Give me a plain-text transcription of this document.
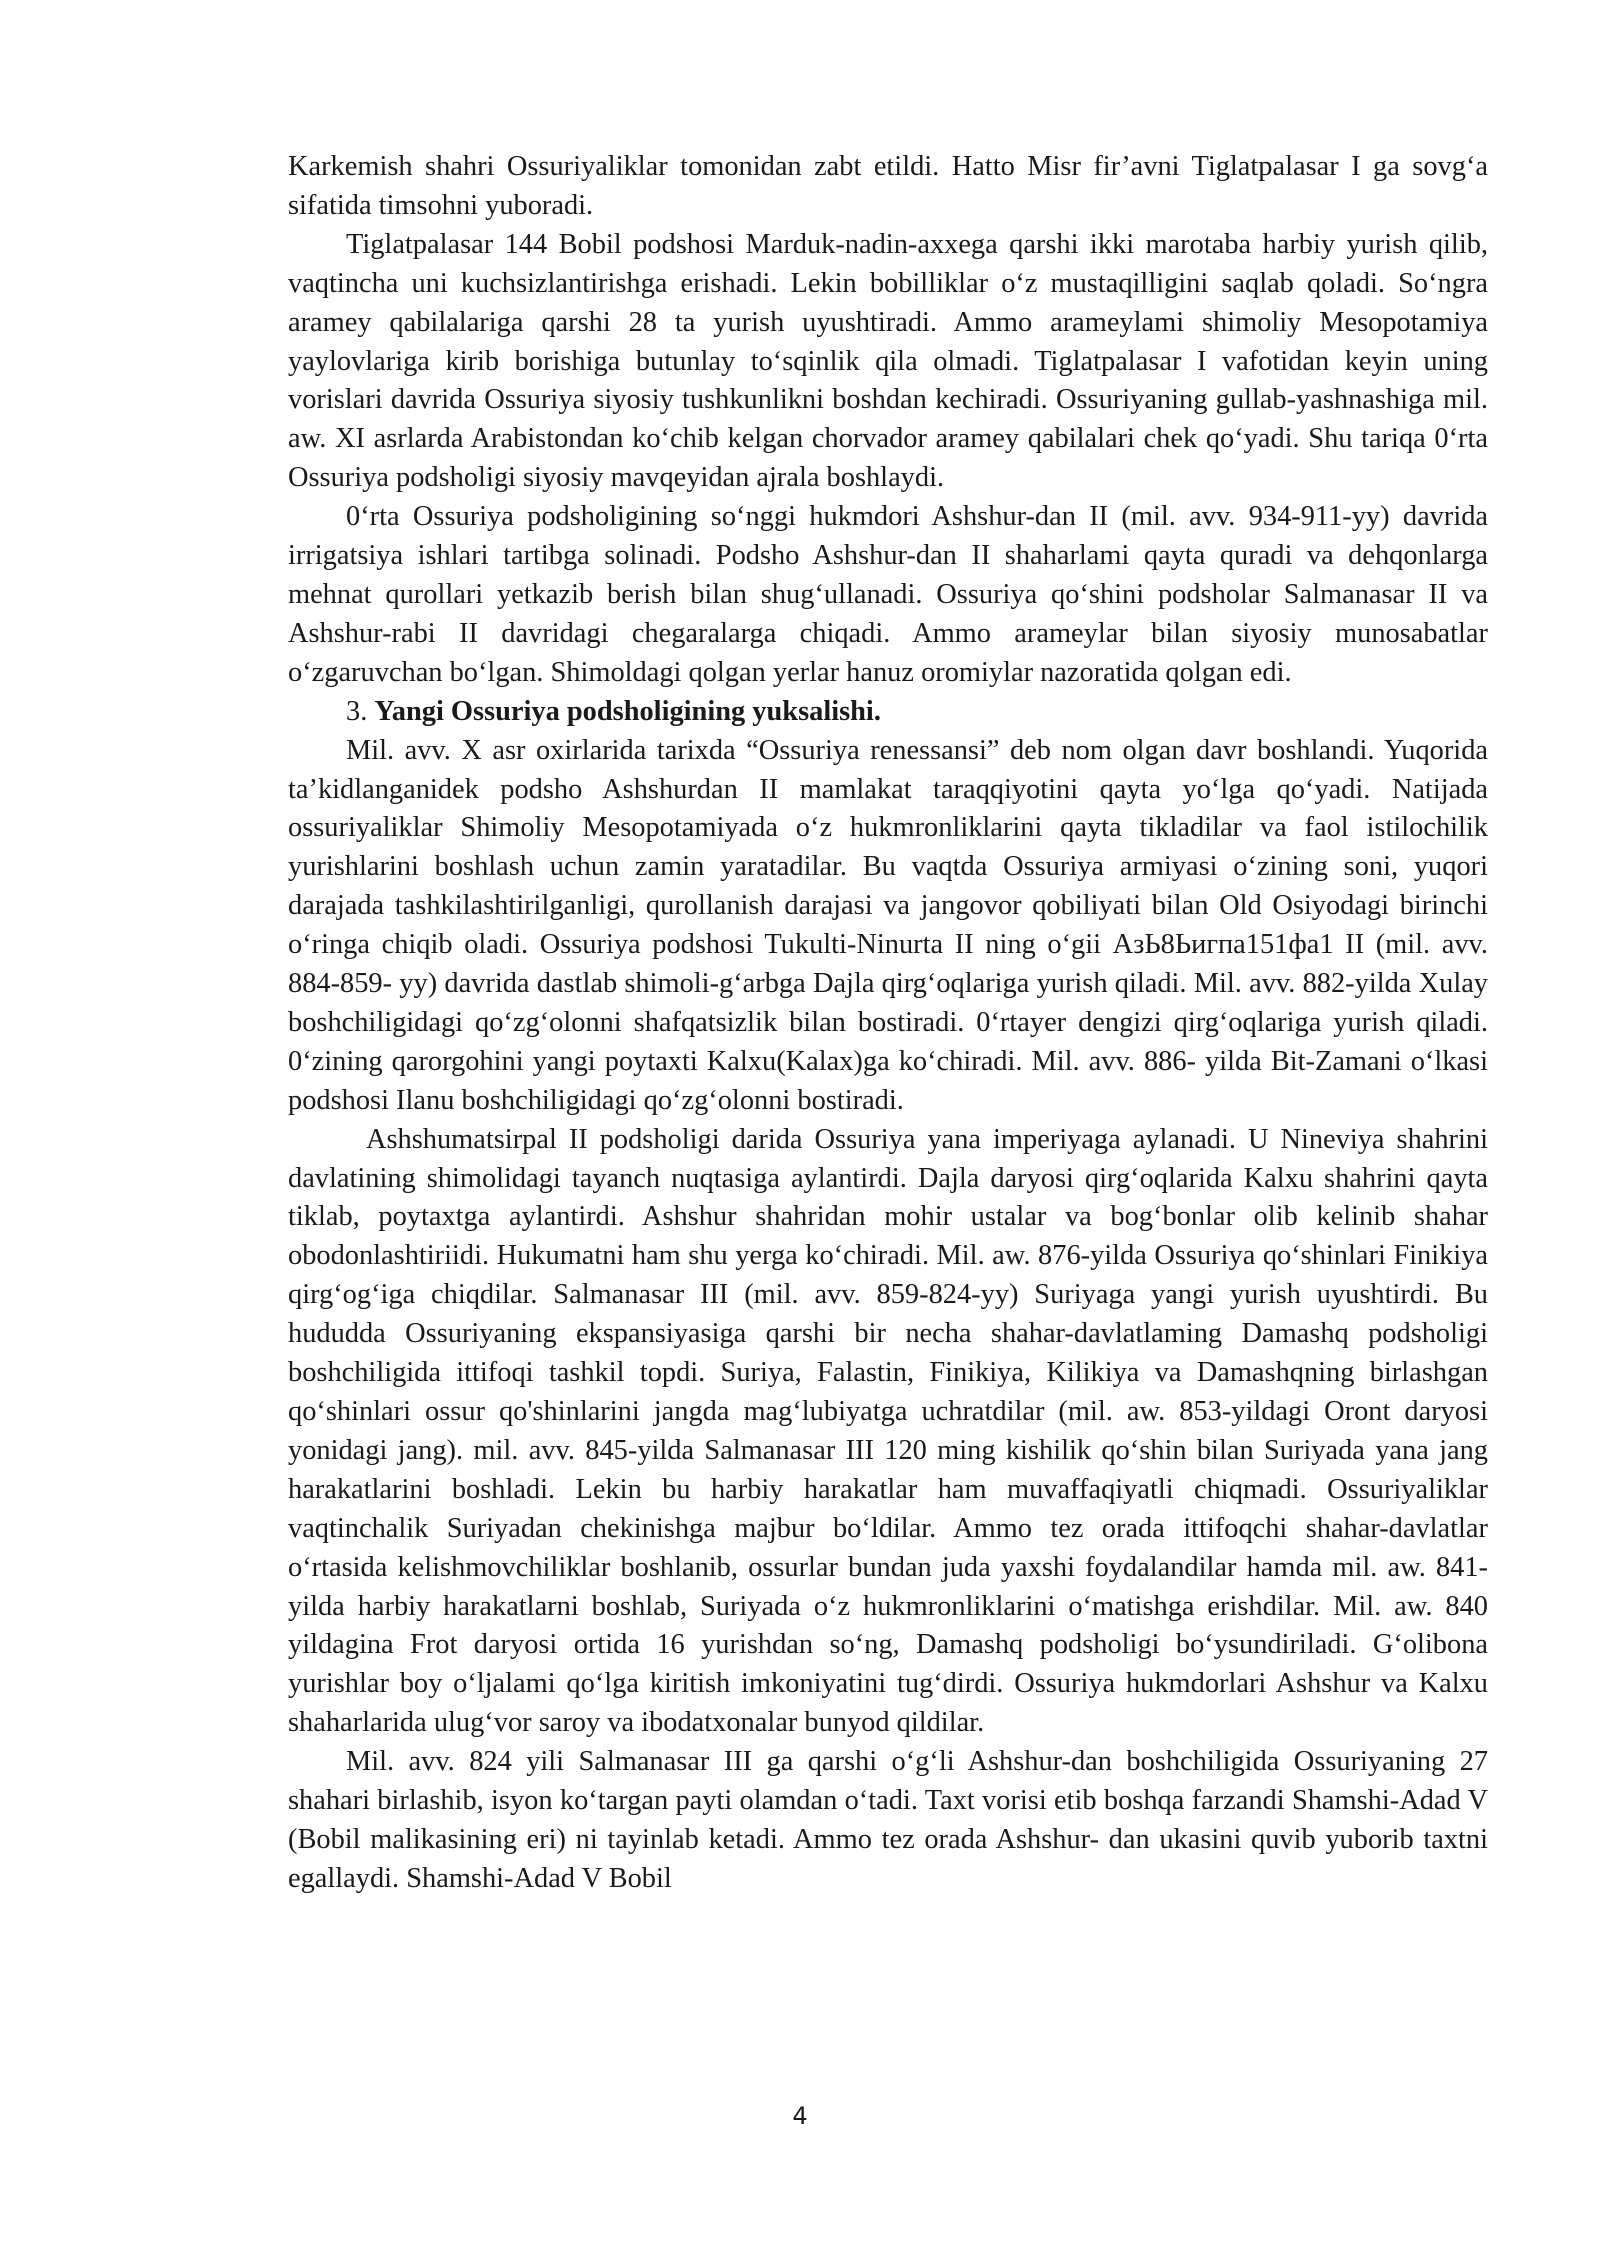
Karkemish shahri Ossuriyaliklar tomonidan zabt etildi. Hatto Misr fir’avni Tiglatpalasar I ga sovg‘a sifatida timsohni yuboradi.

Tiglatpalasar 144 Bobil podshosi Marduk-nadin-axxega qarshi ikki marotaba harbiy yurish qilib, vaqtincha uni kuchsizlantirishga erishadi. Lekin bobilliklar o‘z mustaqilligini saqlab qoladi. So‘ngra aramey qabilalariga qarshi 28 ta yurish uyushtiradi. Ammo arameylami shimoliy Mesopotamiya yaylovlariga kirib borishiga butunlay to‘sqinlik qila olmadi. Tiglatpalasar I vafotidan keyin uning vorislari davrida Ossuriya siyosiy tushkunlikni boshdan kechiradi. Ossuriyaning gullab-yashnashiga mil. aw. XI asrlarda Arabistondan ko‘chib kelgan chorvador aramey qabilalari chek qo‘yadi. Shu tariqa 0‘rta Ossuriya podsholigi siyosiy mavqeyidan ajrala boshlaydi.

0‘rta Ossuriya podsholigining so‘nggi hukmdori Ashshur-dan II (mil. avv. 934-911-yy) davrida irrigatsiya ishlari tartibga solinadi. Podsho Ashshur-dan II shaharlami qayta quradi va dehqonlarga mehnat qurollari yetkazib berish bilan shug‘ullanadi. Ossuriya qo‘shini podsholar Salmanasar II va Ashshur-rabi II davridagi chegaralarga chiqadi. Ammo arameylar bilan siyosiy munosabatlar o‘zgaruvchan bo‘lgan. Shimoldagi qolgan yerlar hanuz oromiylar nazoratida qolgan edi.

3. Yangi Ossuriya podsholigining yuksalishi.

Mil. avv. X asr oxirlarida tarixda “Ossuriya renessansi” deb nom olgan davr boshlandi. Yuqorida ta’kidlanganidek podsho Ashshurdan II mamlakat taraqqiyotini qayta yo‘lga qo‘yadi. Natijada ossuriyaliklar Shimoliy Mesopotamiyada o‘z hukmronliklarini qayta tikladilar va faol istilochilik yurishlarini boshlash uchun zamin yaratadilar. Bu vaqtda Ossuriya armiyasi o‘zining soni, yuqori darajada tashkilashtirilganligi, qurollanish darajasi va jangovor qobiliyati bilan Old Osiyodagi birinchi o‘ringa chiqib oladi. Ossuriya podshosi Tukulti-Ninurta II ning o‘gii АзЬ8Ьигпа151фа1 II (mil. avv. 884-859- yy) davrida dastlab shimoli-g‘arbga Dajla qirg‘oqlariga yurish qiladi. Mil. avv. 882-yilda Xulay boshchiligidagi qo‘zg‘olonni shafqatsizlik bilan bostiradi. 0‘rtayer dengizi qirg‘oqlariga yurish qiladi. 0‘zining qarorgohini yangi poytaxti Kalxu(Kalax)ga ko‘chiradi. Mil. avv. 886- yilda Bit-Zamani o‘lkasi podshosi Ilanu boshchiligidagi qo‘zg‘olonni bostiradi.

Ashshumatsirpal II podsholigi darida Ossuriya yana imperiyaga aylanadi. U Nineviya shahrini davlatining shimolidagi tayanch nuqtasiga aylantirdi. Dajla daryosi qirg‘oqlarida Kalxu shahrini qayta tiklab, poytaxtga aylantirdi. Ashshur shahridan mohir ustalar va bog‘bonlar olib kelinib shahar obodonlashtiriidi. Hukumatni ham shu yerga ko‘chiradi. Mil. aw. 876-yilda Ossuriya qo‘shinlari Finikiya qirg‘og‘iga chiqdilar. Salmanasar III (mil. avv. 859-824-yy) Suriyaga yangi yurish uyushtirdi. Bu hududda Ossuriyaning ekspansiyasiga qarshi bir necha shahar-davlatlaming Damashq podsholigi boshchiligida ittifoqi tashkil topdi. Suriya, Falastin, Finikiya, Kilikiya va Damashqning birlashgan qo‘shinlari ossur qo'shinlarini jangda mag‘lubiyatga uchratdilar (mil. aw. 853-yildagi Oront daryosi yonidagi jang). mil. avv. 845-yilda Salmanasar III 120 ming kishilik qo‘shin bilan Suriyada yana jang harakatlarini boshladi. Lekin bu harbiy harakatlar ham muvaffaqiyatli chiqmadi. Ossuriyaliklar vaqtinchalik Suriyadan chekinishga majbur bo‘ldilar. Ammo tez orada ittifoqchi shahar-davlatlar o‘rtasida kelishmovchiliklar boshlanib, ossurlar bundan juda yaxshi foydalandilar hamda mil. aw. 841-yilda harbiy harakatlarni boshlab, Suriyada o‘z hukmronliklarini o‘matishga erishdilar. Mil. aw. 840 yildagina Frot daryosi ortida 16 yurishdan so‘ng, Damashq podsholigi bo‘ysundiriladi. G‘olibona yurishlar boy o‘ljalami qo‘lga kiritish imkoniyatini tug‘dirdi. Ossuriya hukmdorlari Ashshur va Kalxu shaharlarida ulug‘vor saroy va ibodatxonalar bunyod qildilar.

Mil. avv. 824 yili Salmanasar III ga qarshi o‘g‘li Ashshur-dan boshchiligida Ossuriyaning 27 shahari birlashib, isyon ko‘targan payti olamdan o‘tadi. Taxt vorisi etib boshqa farzandi Shamshi-Adad V (Bobil malikasining eri) ni tayinlab ketadi. Ammo tez orada Ashshur- dan ukasini quvib yuborib taxtni egallaydi. Shamshi-Adad V Bobil

4
